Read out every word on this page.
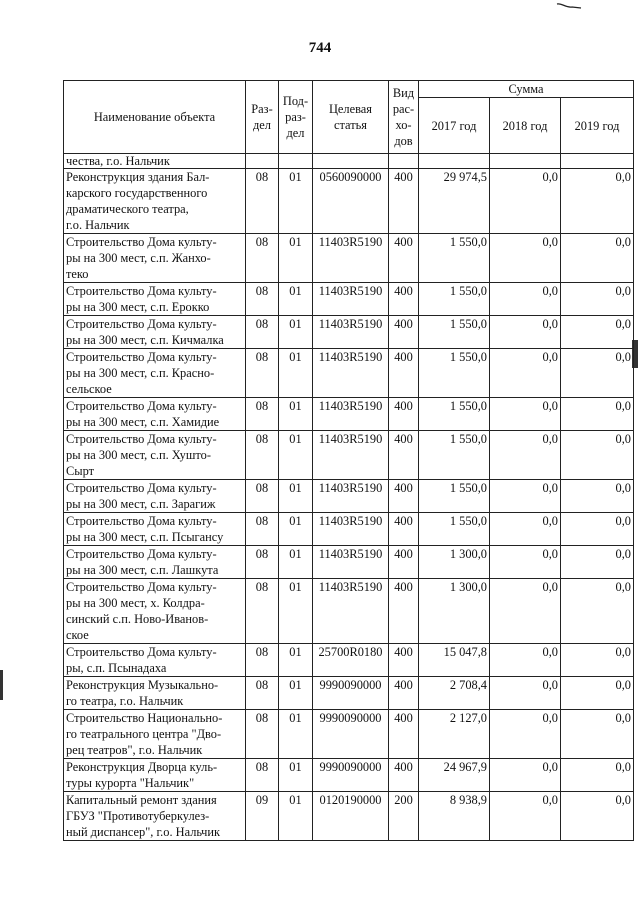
744
Наименование объекта	Раз-
дел	Под-
раз-
дел	Целевая
статья	Вид
рас-
хо-
дов	Сумма		
					2017 год	2018 год	2019 год
чества, г.о. Нальчик							
Реконструкция здания Бал-
карского государственного
драматического театра,
г.о. Нальчик	08	01	0560090000	400	29 974,5	0,0	0,0
Строительство Дома культу-
ры на 300 мест, с.п. Жанхо-
теко	08	01	11403R5190	400	1 550,0	0,0	0,0
Строительство Дома культу-
ры на 300 мест, с.п. Ерокко	08	01	11403R5190	400	1 550,0	0,0	0,0
Строительство Дома культу-
ры на 300 мест, с.п. Кичмалка	08	01	11403R5190	400	1 550,0	0,0	0,0
Строительство Дома культу-
ры на 300 мест, с.п. Красно-
сельское	08	01	11403R5190	400	1 550,0	0,0	0,0
Строительство Дома культу-
ры на 300 мест, с.п. Хамидие	08	01	11403R5190	400	1 550,0	0,0	0,0
Строительство Дома культу-
ры на 300 мест, с.п. Хушто-
Сырт	08	01	11403R5190	400	1 550,0	0,0	0,0
Строительство Дома культу-
ры на 300 мест, с.п. Зарагиж	08	01	11403R5190	400	1 550,0	0,0	0,0
Строительство Дома культу-
ры на 300 мест, с.п. Псыгансу	08	01	11403R5190	400	1 550,0	0,0	0,0
Строительство Дома культу-
ры на 300 мест, с.п. Лашкута	08	01	11403R5190	400	1 300,0	0,0	0,0
Строительство Дома культу-
ры на 300 мест, х. Колдра-
синский с.п. Ново-Иванов-
ское	08	01	11403R5190	400	1 300,0	0,0	0,0
Строительство Дома культу-
ры, с.п. Псынадаха	08	01	25700R0180	400	15 047,8	0,0	0,0
Реконструкция Музыкально-
го театра, г.о. Нальчик	08	01	9990090000	400	2 708,4	0,0	0,0
Строительство Национально-
го театрального центра "Дво-
рец театров", г.о. Нальчик	08	01	9990090000	400	2 127,0	0,0	0,0
Реконструкция Дворца куль-
туры курорта "Нальчик"	08	01	9990090000	400	24 967,9	0,0	0,0
Капитальный ремонт здания
ГБУЗ "Противотуберкулез-
ный диспансер", г.о. Нальчик	09	01	0120190000	200	8 938,9	0,0	0,0
